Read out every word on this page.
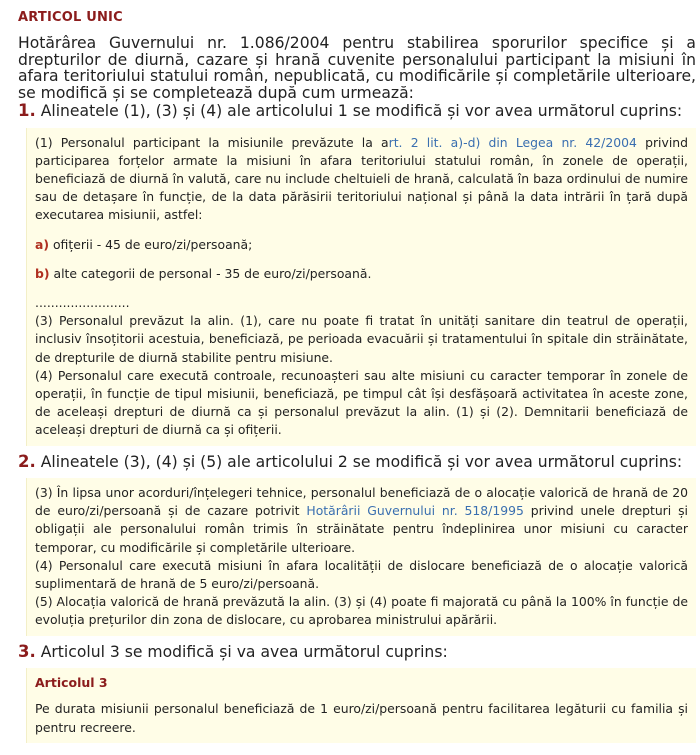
ARTICOL UNIC

Hotărârea Guvernului nr. 1.086/2004 pentru stabilirea sporurilor specifice și a drepturilor de diurnă, cazare și hrană cuvenite personalului participant la misiuni în afara teritoriului statului român, nepublicată, cu modificările și completările ulterioare, se modifică și se completează după cum urmează:

1. Alineatele (1), (3) și (4) ale articolului 1 se modifică și vor avea următorul cuprins:

(1) Personalul participant la misiunile prevăzute la art. 2 lit. a)-d) din Legea nr. 42/2004 privind participarea forțelor armate la misiuni în afara teritoriului statului român, în zonele de operații, beneficiază de diurnă în valută, care nu include cheltuieli de hrană, calculată în baza ordinului de numire sau de detașare în funcție, de la data părăsirii teritoriului național și până la data intrării în țară după executarea misiunii, astfel:

a) ofițerii - 45 de euro/zi/persoană;

b) alte categorii de personal - 35 de euro/zi/persoană.

........................

(3) Personalul prevăzut la alin. (1), care nu poate fi tratat în unități sanitare din teatrul de operații, inclusiv însoțitorii acestuia, beneficiază, pe perioada evacuării și tratamentului în spitale din străinătate, de drepturile de diurnă stabilite pentru misiune.

(4) Personalul care execută controale, recunoașteri sau alte misiuni cu caracter temporar în zonele de operații, în funcție de tipul misiunii, beneficiază, pe timpul cât își desfășoară activitatea în aceste zone, de aceleași drepturi de diurnă ca și personalul prevăzut la alin. (1) și (2). Demnitarii beneficiază de aceleași drepturi de diurnă ca și ofițerii.

2. Alineatele (3), (4) și (5) ale articolului 2 se modifică și vor avea următorul cuprins:

(3) În lipsa unor acorduri/înțelegeri tehnice, personalul beneficiază de o alocație valorică de hrană de 20 de euro/zi/persoană și de cazare potrivit Hotărârii Guvernului nr. 518/1995 privind unele drepturi și obligații ale personalului român trimis în străinătate pentru îndeplinirea unor misiuni cu caracter temporar, cu modificările și completările ulterioare.

(4) Personalul care execută misiuni în afara localității de dislocare beneficiază de o alocație valorică suplimentară de hrană de 5 euro/zi/persoană.

(5) Alocația valorică de hrană prevăzută la alin. (3) și (4) poate fi majorată cu până la 100% în funcție de evoluția prețurilor din zona de dislocare, cu aprobarea ministrului apărării.

3. Articolul 3 se modifică și va avea următorul cuprins:

Articolul 3

Pe durata misiunii personalul beneficiază de 1 euro/zi/persoană pentru facilitarea legăturii cu familia și pentru recreere.
